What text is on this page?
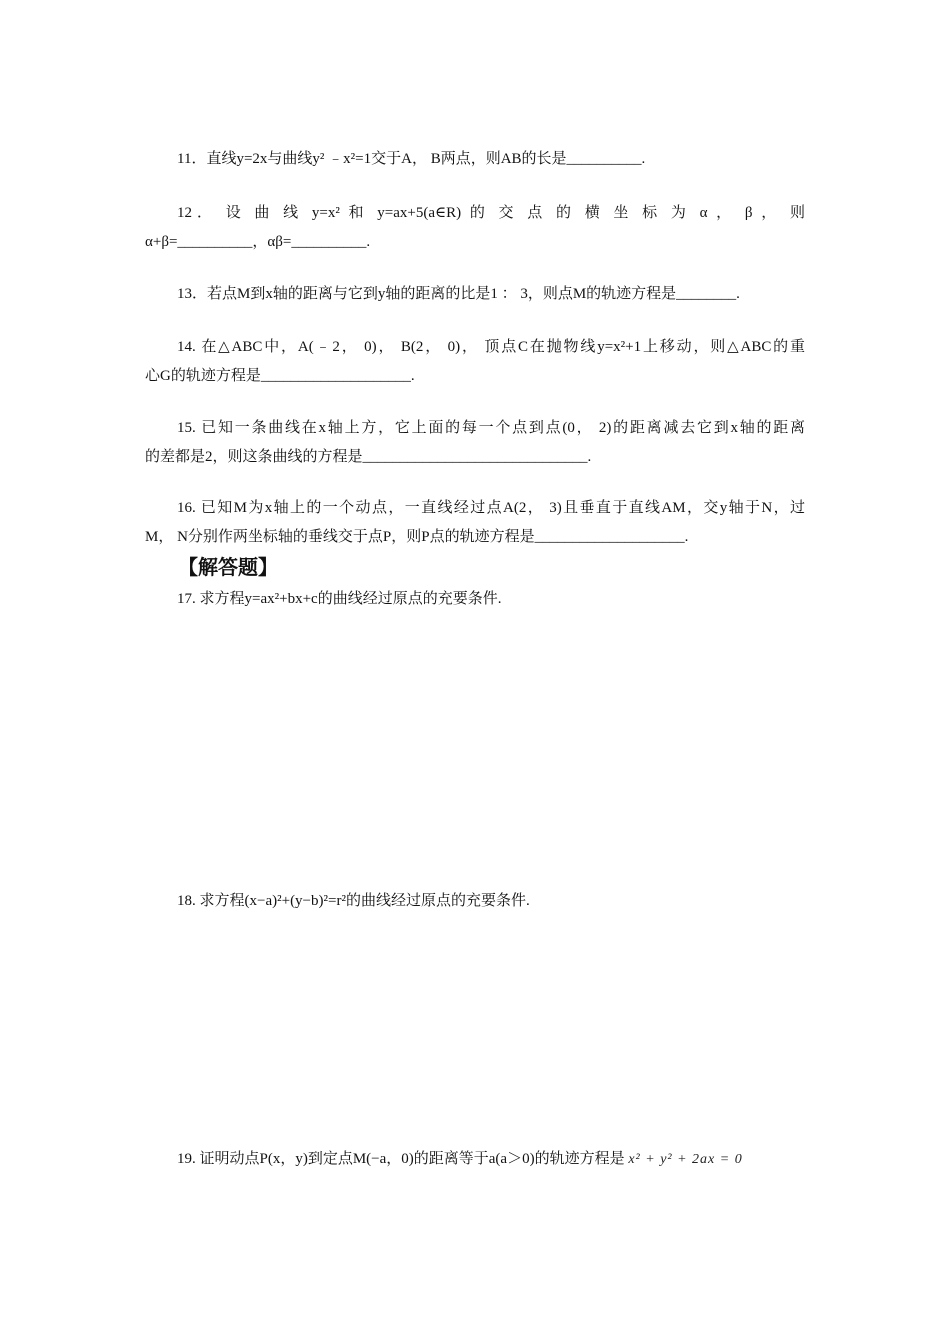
11．直线y=2x与曲线y² ﹣x²=1交于A， B两点，则AB的长是__________.

12． 设 曲 线 y=x² 和 y=ax+5(a∈R) 的 交 点 的 横 坐 标 为 α ， β ， 则

α+β=__________，αβ=__________.

13．若点M到x轴的距离与它到y轴的距离的比是1 ： 3，则点M的轨迹方程是________.

14. 在△ABC中，A(﹣2， 0)， B(2， 0)， 顶点C在抛物线y=x²+1上移动，则△ABC的重

心G的轨迹方程是____________________.

15. 已知一条曲线在x轴上方，它上面的每一个点到点(0， 2)的距离减去它到x轴的距离

的差都是2，则这条曲线的方程是______________________________.

16. 已知M为x轴上的一个动点，一直线经过点A(2， 3)且垂直于直线AM，交y轴于N，过

M， N分别作两坐标轴的垂线交于点P，则P点的轨迹方程是____________________.

【解答题】

17. 求方程y=ax²+bx+c的曲线经过原点的充要条件.

18. 求方程(x−a)²+(y−b)²=r²的曲线经过原点的充要条件.

19. 证明动点P(x，y)到定点M(−a，0)的距离等于a(a＞0)的轨迹方程是 x² + y² + 2ax = 0
